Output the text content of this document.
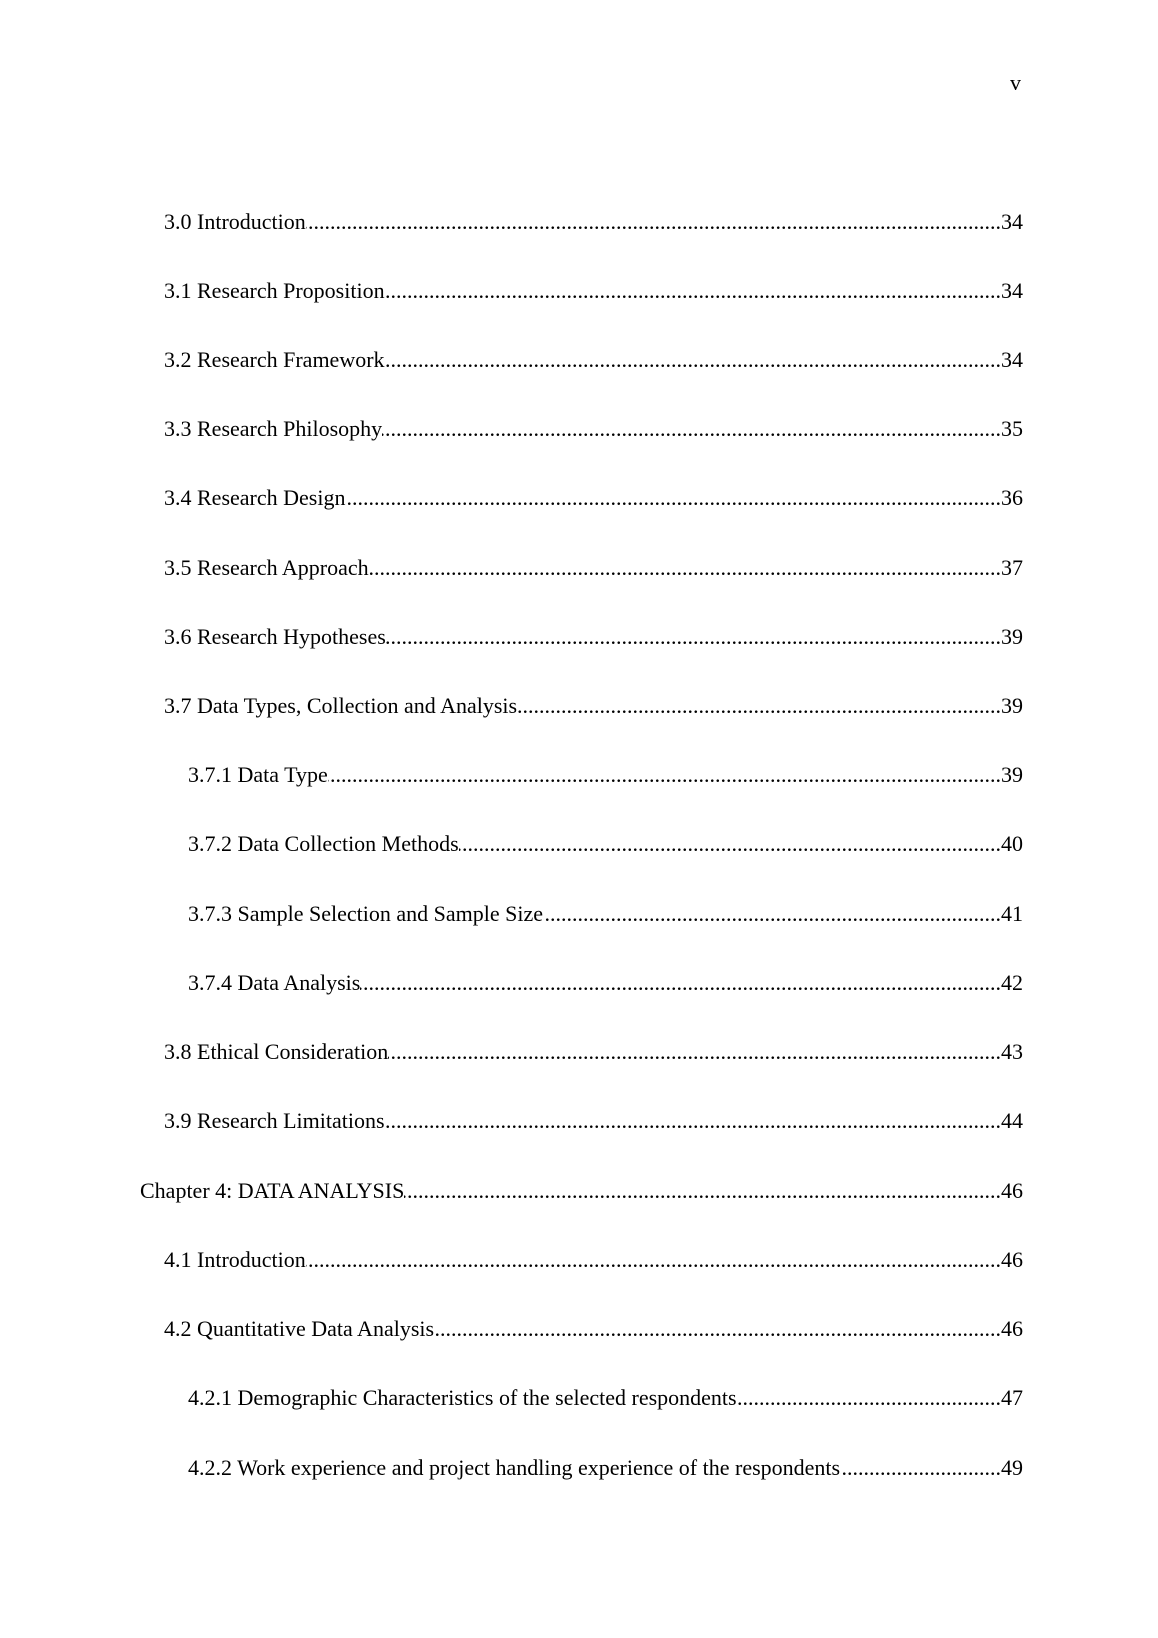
v
3.0 Introduction .....	34
3.1 Research Proposition .....	34
3.2 Research Framework .....	34
3.3 Research Philosophy .....	35
3.4 Research Design .....	36
3.5 Research Approach .....	37
3.6 Research Hypotheses .....	39
3.7 Data Types, Collection and Analysis .....	39
3.7.1 Data Type .....	39
3.7.2 Data Collection Methods .....	40
3.7.3 Sample Selection and Sample Size .....	41
3.7.4 Data Analysis .....	42
3.8 Ethical Consideration .....	43
3.9 Research Limitations .....	44
Chapter 4: DATA ANALYSIS .....	46
4.1 Introduction .....	46
4.2 Quantitative Data Analysis .....	46
4.2.1 Demographic Characteristics of the selected respondents .....	47
4.2.2 Work experience and project handling experience of the respondents .....	49
